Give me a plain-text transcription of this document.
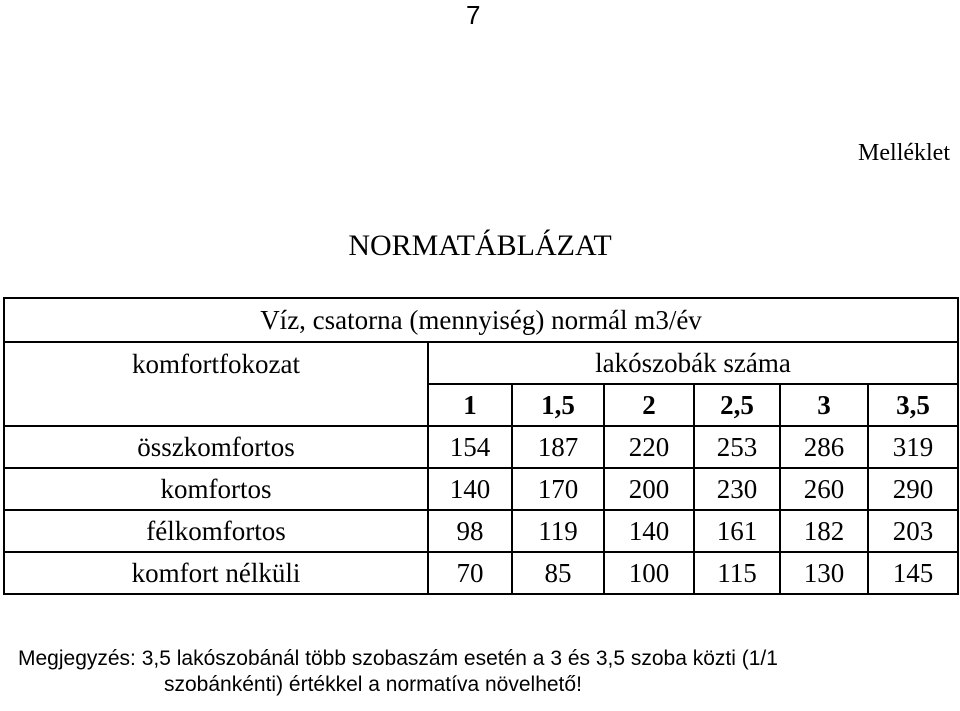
7
Melléklet
NORMATÁBLÁZAT
Víz, csatorna (mennyiség) normál m3/év						
komfortfokozat	lakószobák száma					
	1	1,5	2	2,5	3	3,5
összkomfortos	154	187	220	253	286	319
komfortos	140	170	200	230	260	290
félkomfortos	98	119	140	161	182	203
komfort nélküli	70	85	100	115	130	145
Megjegyzés: 3,5 lakószobánál több szobaszám esetén a 3 és 3,5 szoba közti (1/1
szobánkénti) értékkel a normatíva növelhető!
